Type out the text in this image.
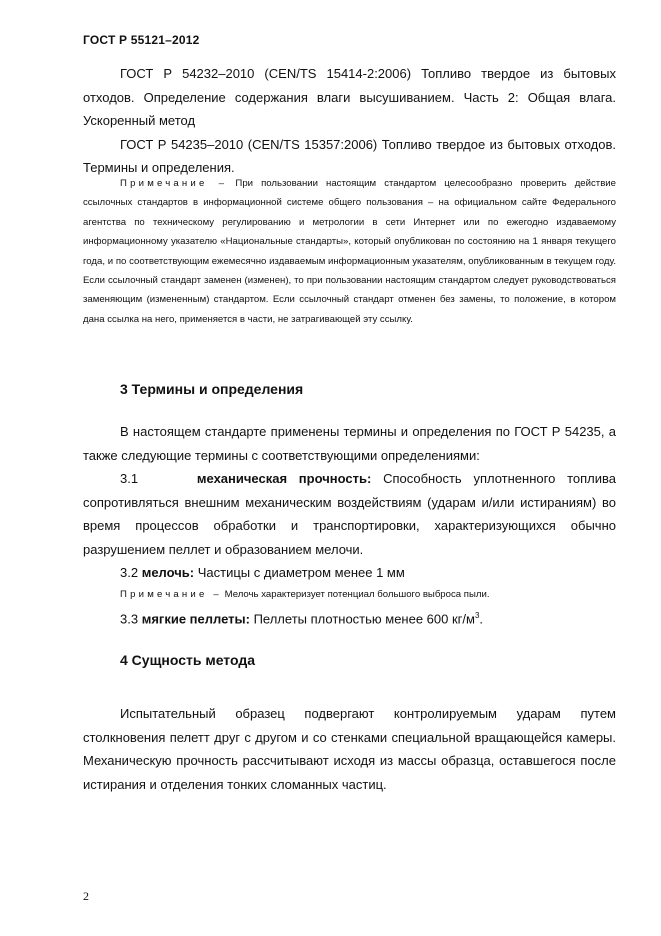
ГОСТ Р 55121–2012

ГОСТ Р 54232–2010 (CEN/TS 15414-2:2006) Топливо твердое из бытовых отходов. Определение содержания влаги высушиванием. Часть 2: Общая влага. Ускоренный метод

ГОСТ Р 54235–2010 (CEN/TS 15357:2006) Топливо твердое из бытовых отходов. Термины и определения.

Примечание – При пользовании настоящим стандартом целесообразно проверить действие ссылочных стандартов в информационной системе общего пользования – на официальном сайте Федерального агентства по техническому регулированию и метрологии в сети Интернет или по ежегодно издаваемому информационному указателю «Национальные стандарты», который опубликован по состоянию на 1 января текущего года, и по соответствующим ежемесячно издаваемым информационным указателям, опубликованным в текущем году. Если ссылочный стандарт заменен (изменен), то при пользовании настоящим стандартом следует руководствоваться заменяющим (измененным) стандартом. Если ссылочный стандарт отменен без замены, то положение, в котором дана ссылка на него, применяется в части, не затрагивающей эту ссылку.

3 Термины и определения

В настоящем стандарте применены термины и определения по ГОСТ Р 54235, а также следующие термины с соответствующими определениями:

3.1	механическая прочность: Способность уплотненного топлива сопротивляться внешним механическим воздействиям (ударам и/или истираниям) во время процессов обработки и транспортировки, характеризующихся обычно разрушением пеллет и образованием мелочи.

3.2 мелочь: Частицы с диаметром менее 1 мм

Примечание – Мелочь характеризует потенциал большого выброса пыли.

3.3 мягкие пеллеты: Пеллеты плотностью менее 600 $кг/м^3$.

4 Сущность метода

Испытательный образец подвергают контролируемым ударам путем столкновения пелетт друг с другом и со стенками специальной вращающейся камеры. Механическую прочность рассчитывают исходя из массы образца, оставшегося после истирания и отделения тонких сломанных частиц.

2
